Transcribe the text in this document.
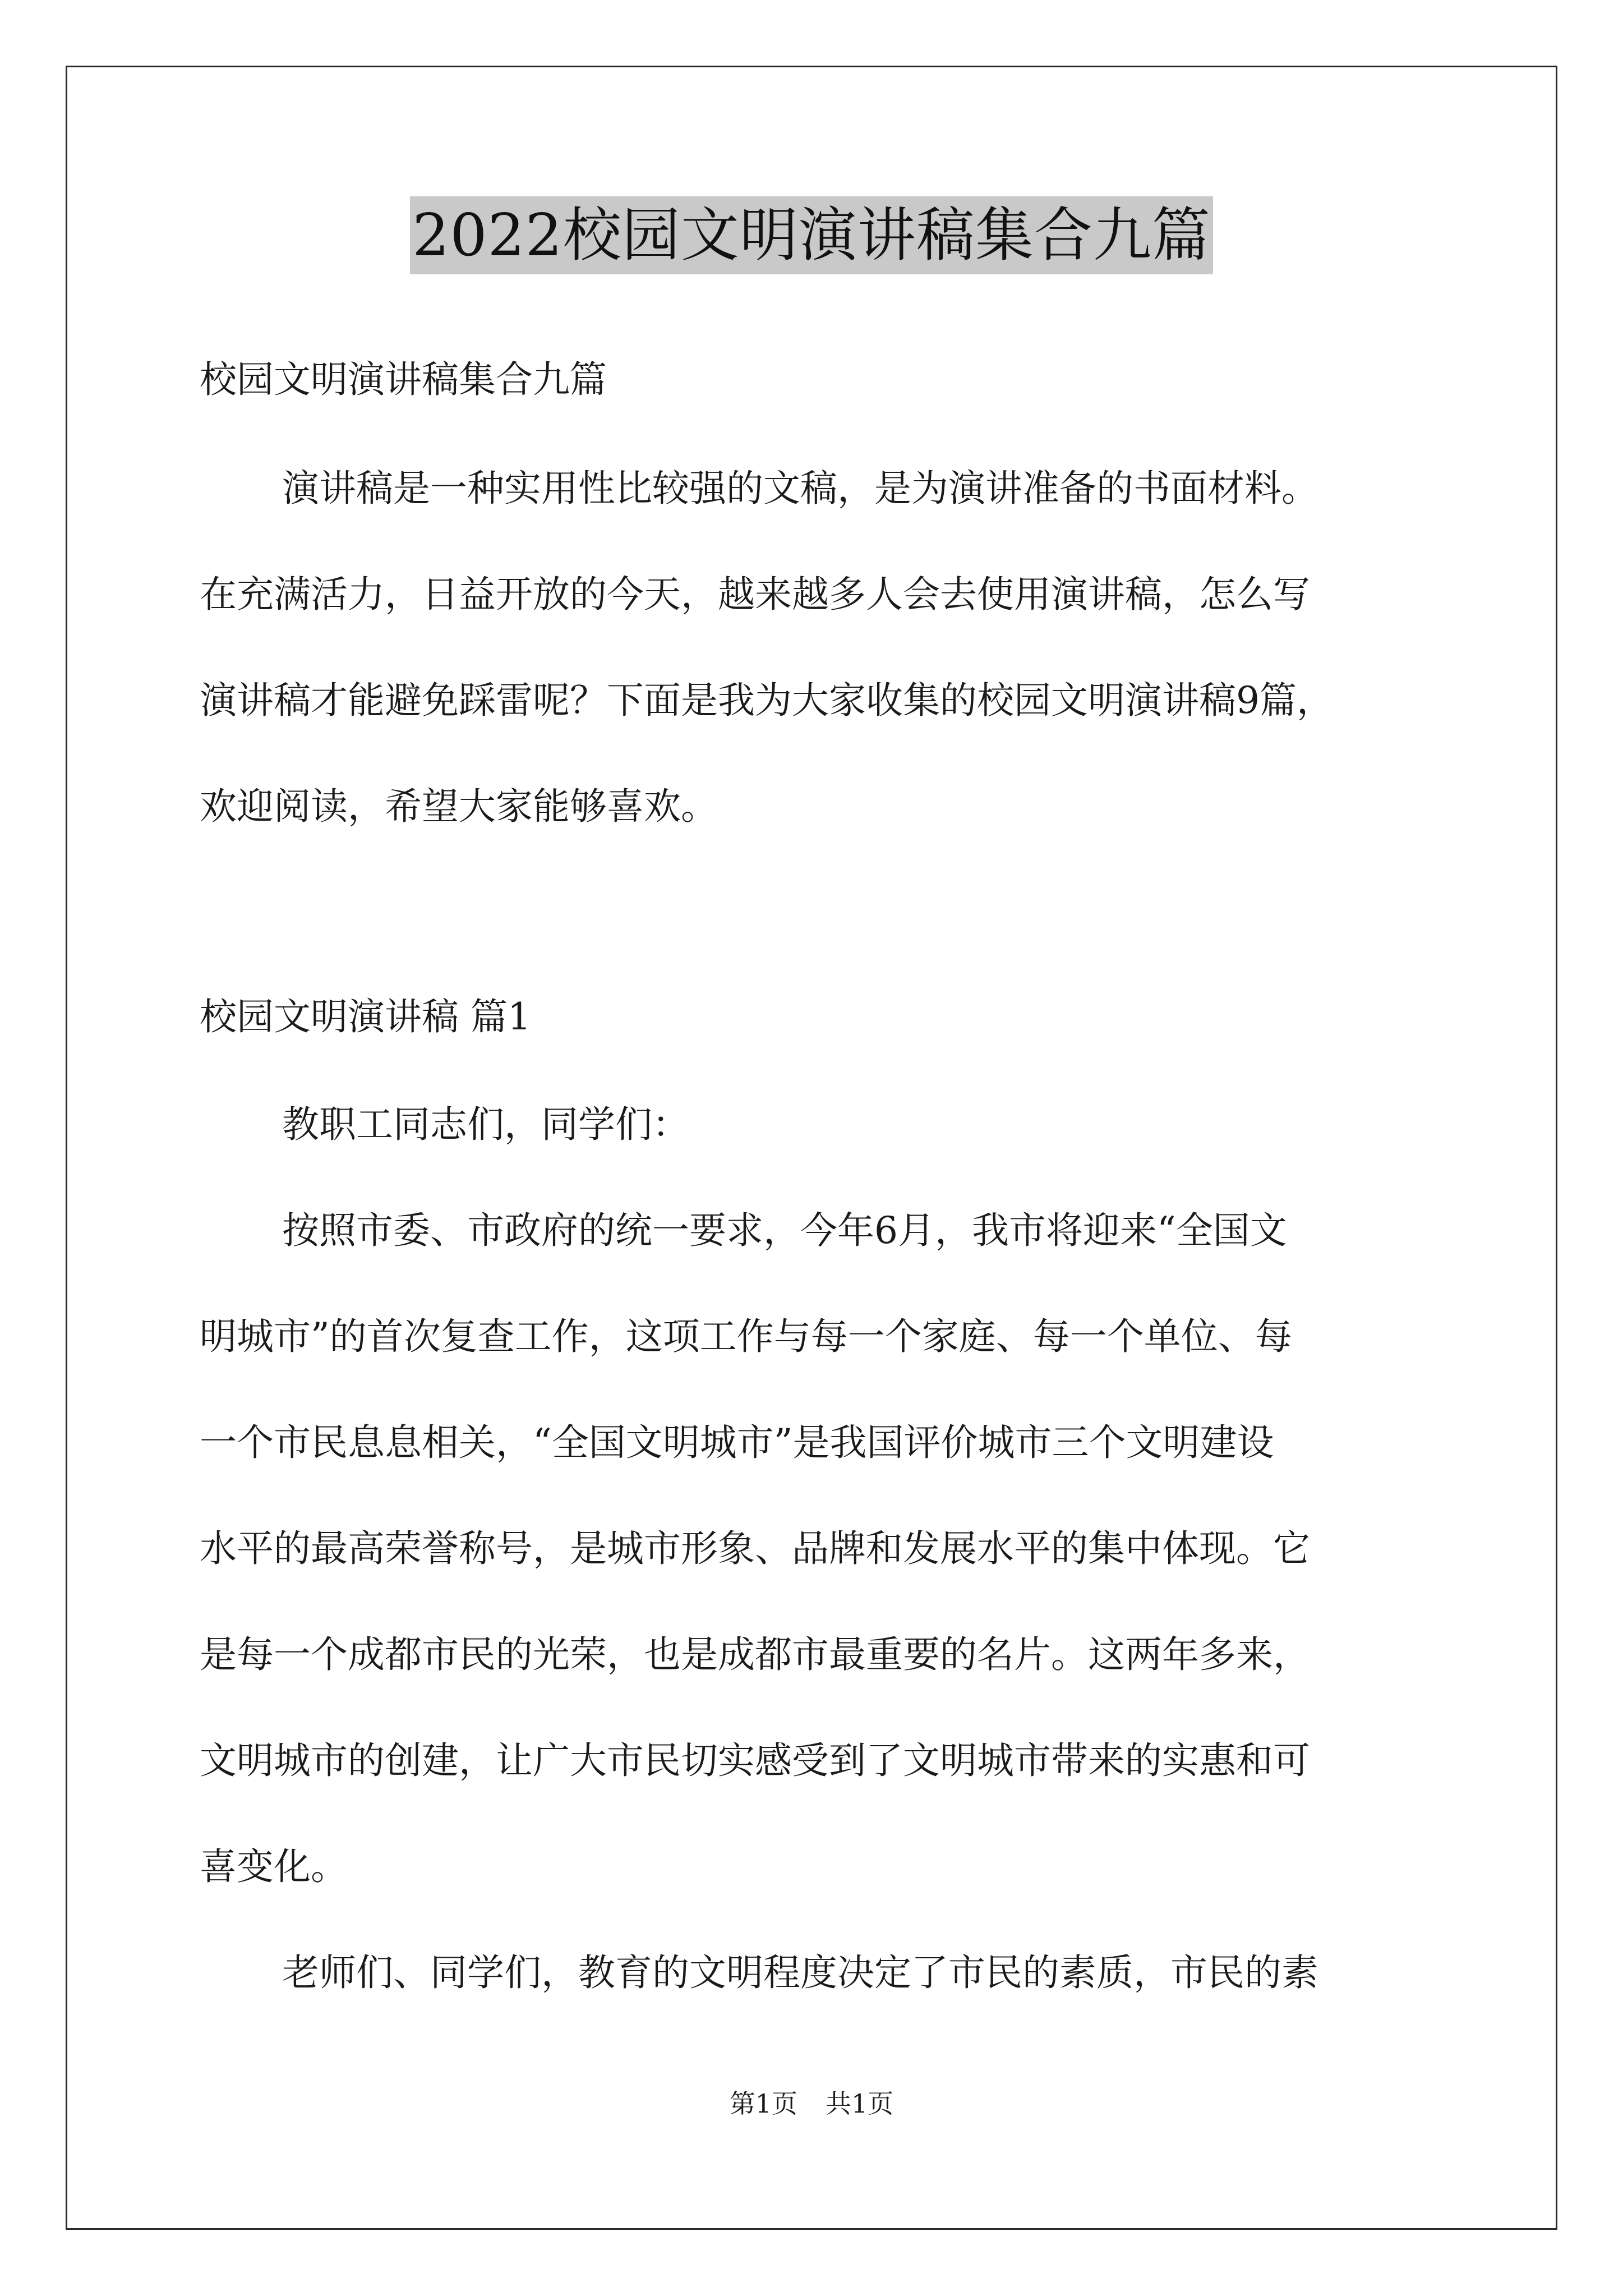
2022校园文明演讲稿集合九篇
校园文明演讲稿集合九篇
演讲稿是一种实用性比较强的文稿，是为演讲准备的书面材料。
在充满活力，日益开放的今天，越来越多人会去使用演讲稿，怎么写
演讲稿才能避免踩雷呢？下面是我为大家收集的校园文明演讲稿9篇，
欢迎阅读，希望大家能够喜欢。
校园文明演讲稿 篇1
教职工同志们，同学们：
按照市委、市政府的统一要求，今年6月，我市将迎来“全国文
明城市”的首次复查工作，这项工作与每一个家庭、每一个单位、每
一个市民息息相关，“全国文明城市”是我国评价城市三个文明建设
水平的最高荣誉称号，是城市形象、品牌和发展水平的集中体现。它
是每一个成都市民的光荣，也是成都市最重要的名片。这两年多来，
文明城市的创建，让广大市民切实感受到了文明城市带来的实惠和可
喜变化。
老师们、同学们，教育的文明程度决定了市民的素质，市民的素
第1页 共1页
